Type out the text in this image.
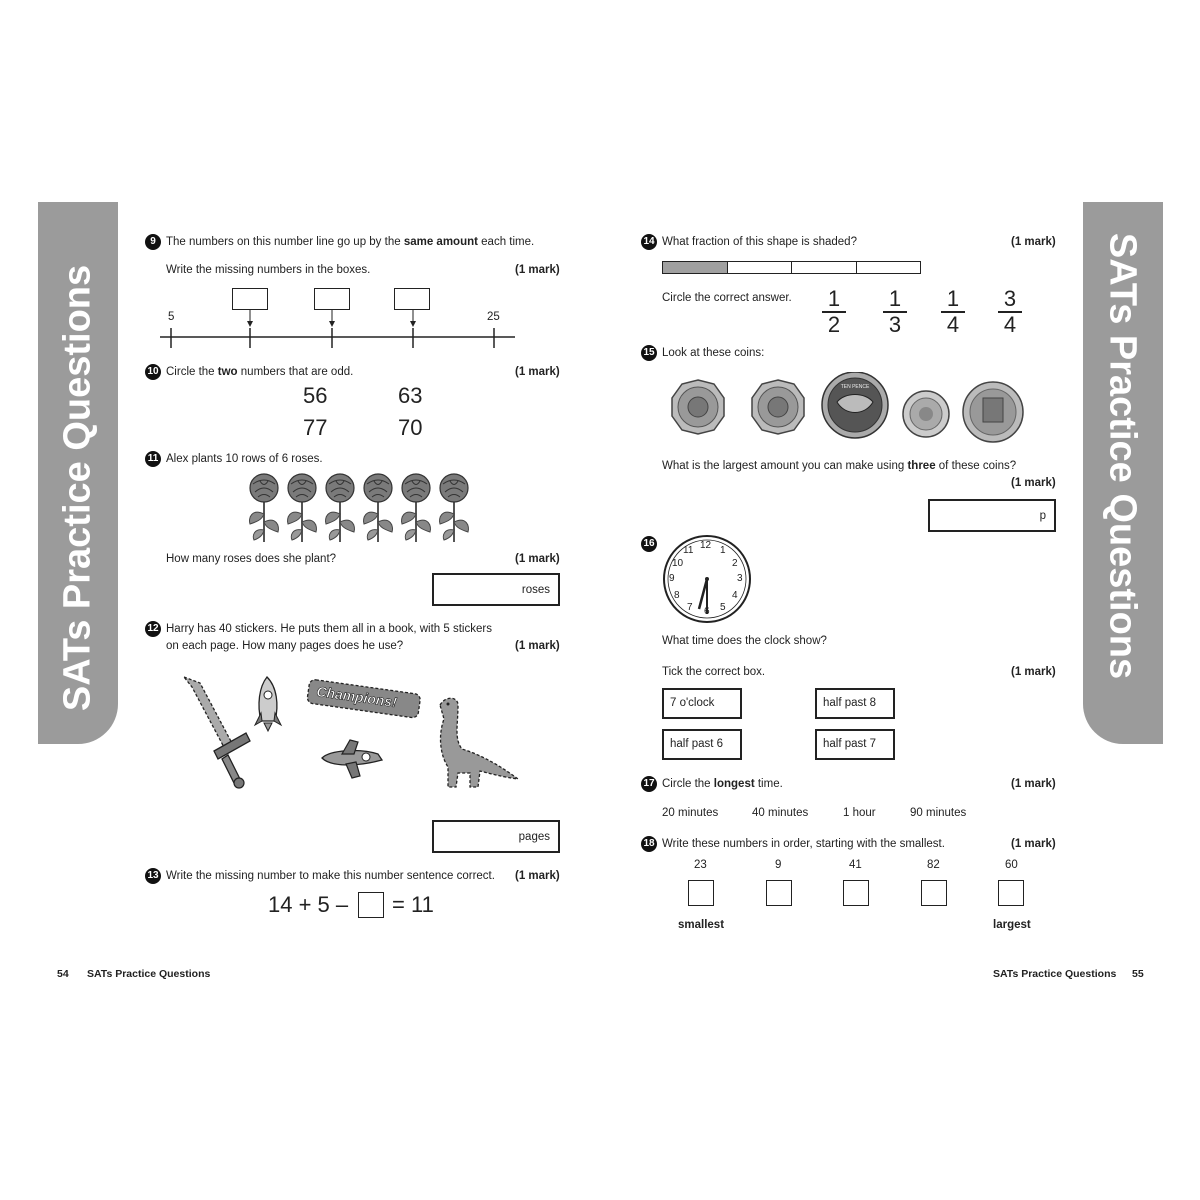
SATs Practice Questions	SATs Practice Questions
9 The numbers on this number line go up by the same amount each time.
Write the missing numbers in the boxes.	(1 mark)
5	25
10 Circle the two numbers that are odd.	(1 mark)
56	63
77	70
11 Alex plants 10 rows of 6 roses.
How many roses does she plant?	(1 mark)
roses
12 Harry has 40 stickers. He puts them all in a book, with 5 stickers
on each page. How many pages does he use?	(1 mark)
Champions!
pages
13 Write the missing number to make this number sentence correct. (1 mark)
14 + 5 – = 11
54 SATs Practice Questions
14 What fraction of this shape is shaded?	(1 mark)
Circle the correct answer. 1
2
1
3
1
4
3
4
15 Look at these coins:
TEN PENCE
What is the largest amount you can make using three of these coins?
(1 mark)
p
16	12 1
2
3
4
5
6
7
8
9
10
11
What time does the clock show?
Tick the correct box.	(1 mark)
7 o'clock	half past 8
half past 6	half past 7
17 Circle the longest time.	(1 mark)
20 minutes	40 minutes	1 hour	90 minutes
18 Write these numbers in order, starting with the smallest.	(1 mark)
23	9	41	82	60
smallest	largest
SATs Practice Questions 55
